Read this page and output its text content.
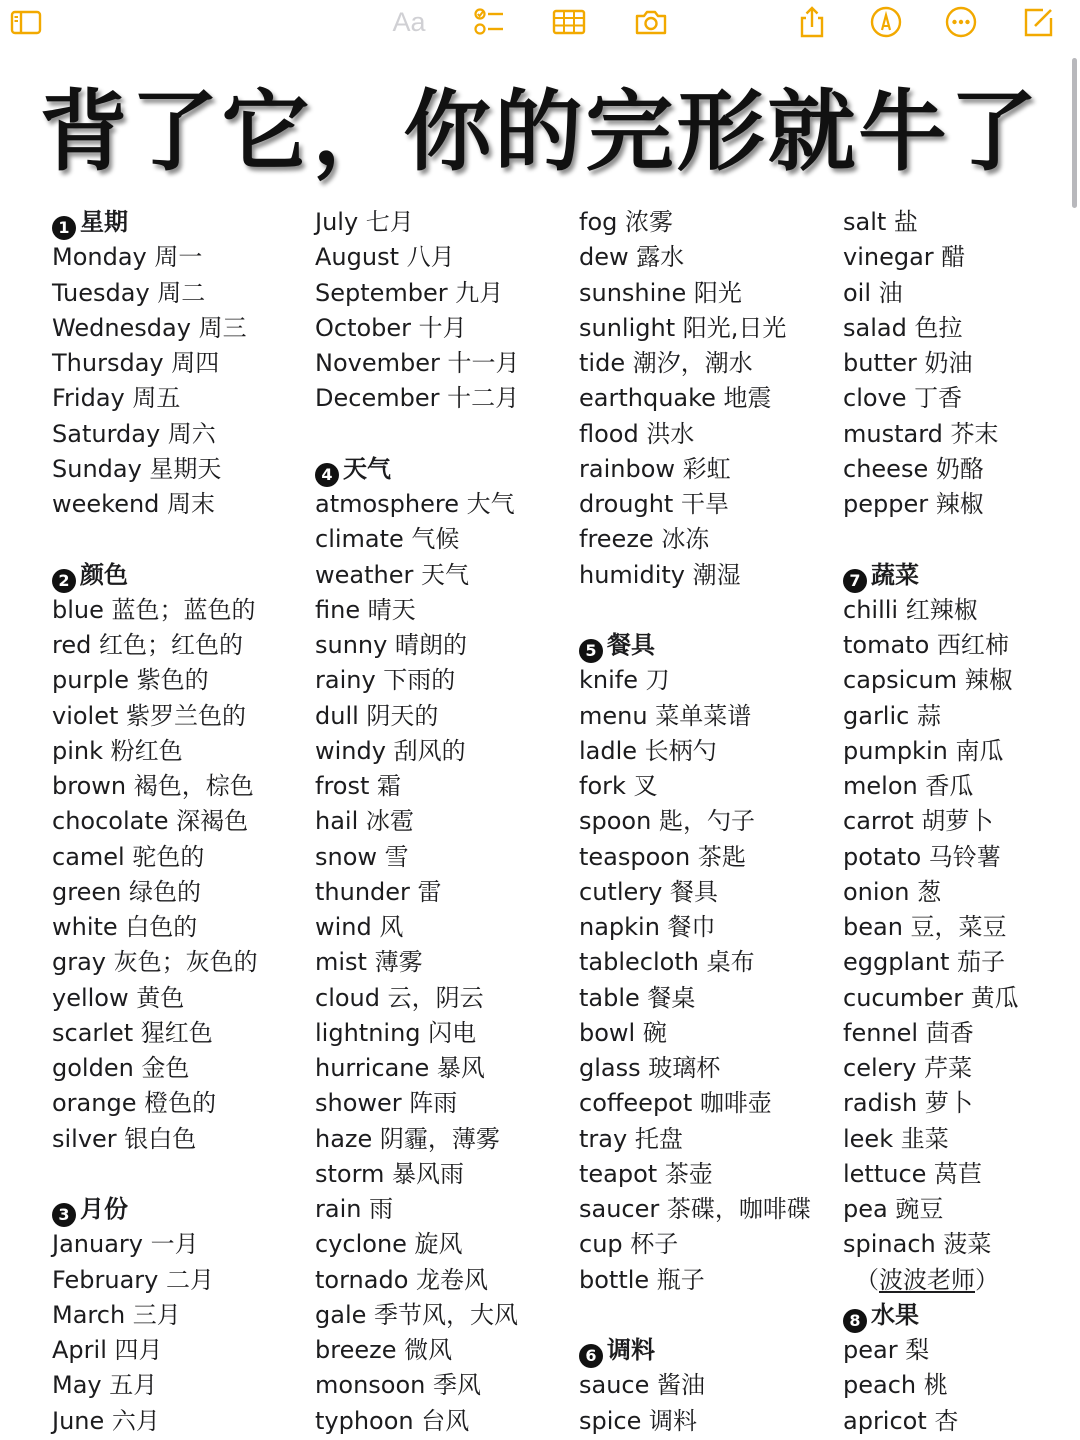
Aa
背了它，你的完形就牛了
1 星期
Monday 周一
Tuesday 周二
Wednesday 周三
Thursday 周四
Friday 周五
Saturday 周六
Sunday 星期天
weekend 周末
2 颜色
blue 蓝色；蓝色的
red 红色；红色的
purple 紫色的
violet 紫罗兰色的
pink 粉红色
brown 褐色，棕色
chocolate 深褐色
camel 驼色的
green 绿色的
white 白色的
gray 灰色；灰色的
yellow 黄色
scarlet 猩红色
golden 金色
orange 橙色的
silver 银白色
3 月份
January 一月
February 二月
March 三月
April 四月
May 五月
June 六月
July 七月
August 八月
September 九月
October 十月
November 十一月
December 十二月
4 天气
atmosphere 大气
climate 气候
weather 天气
fine 晴天
sunny 晴朗的
rainy 下雨的
dull 阴天的
windy 刮风的
frost 霜
hail 冰雹
snow 雪
thunder 雷
wind 风
mist 薄雾
cloud 云，阴云
lightning 闪电
hurricane 暴风
shower 阵雨
haze 阴霾，薄雾
storm 暴风雨
rain 雨
cyclone 旋风
tornado 龙卷风
gale 季节风，大风
breeze 微风
monsoon 季风
typhoon 台风
fog 浓雾
dew 露水
sunshine 阳光
sunlight 阳光,日光
tide 潮汐，潮水
earthquake 地震
flood 洪水
rainbow 彩虹
drought 干旱
freeze 冰冻
humidity 潮湿
5 餐具
knife 刀
menu 菜单菜谱
ladle 长柄勺
fork 叉
spoon 匙，勺子
teaspoon 茶匙
cutlery 餐具
napkin 餐巾
tablecloth 桌布
table 餐桌
bowl 碗
glass 玻璃杯
coffeepot 咖啡壶
tray 托盘
teapot 茶壶
saucer 茶碟，咖啡碟
cup 杯子
bottle 瓶子
6 调料
sauce 酱油
spice 调料
salt 盐
vinegar 醋
oil 油
salad 色拉
butter 奶油
clove 丁香
mustard 芥末
cheese 奶酪
pepper 辣椒
7 蔬菜
chilli 红辣椒
tomato 西红柿
capsicum 辣椒
garlic 蒜
pumpkin 南瓜
melon 香瓜
carrot 胡萝卜
potato 马铃薯
onion 葱
bean 豆，菜豆
eggplant 茄子
cucumber 黄瓜
fennel 茴香
celery 芹菜
radish 萝卜
leek 韭菜
lettuce 莴苣
pea 豌豆
spinach 菠菜
（波波老师）
8 水果
pear 梨
peach 桃
apricot 杏
